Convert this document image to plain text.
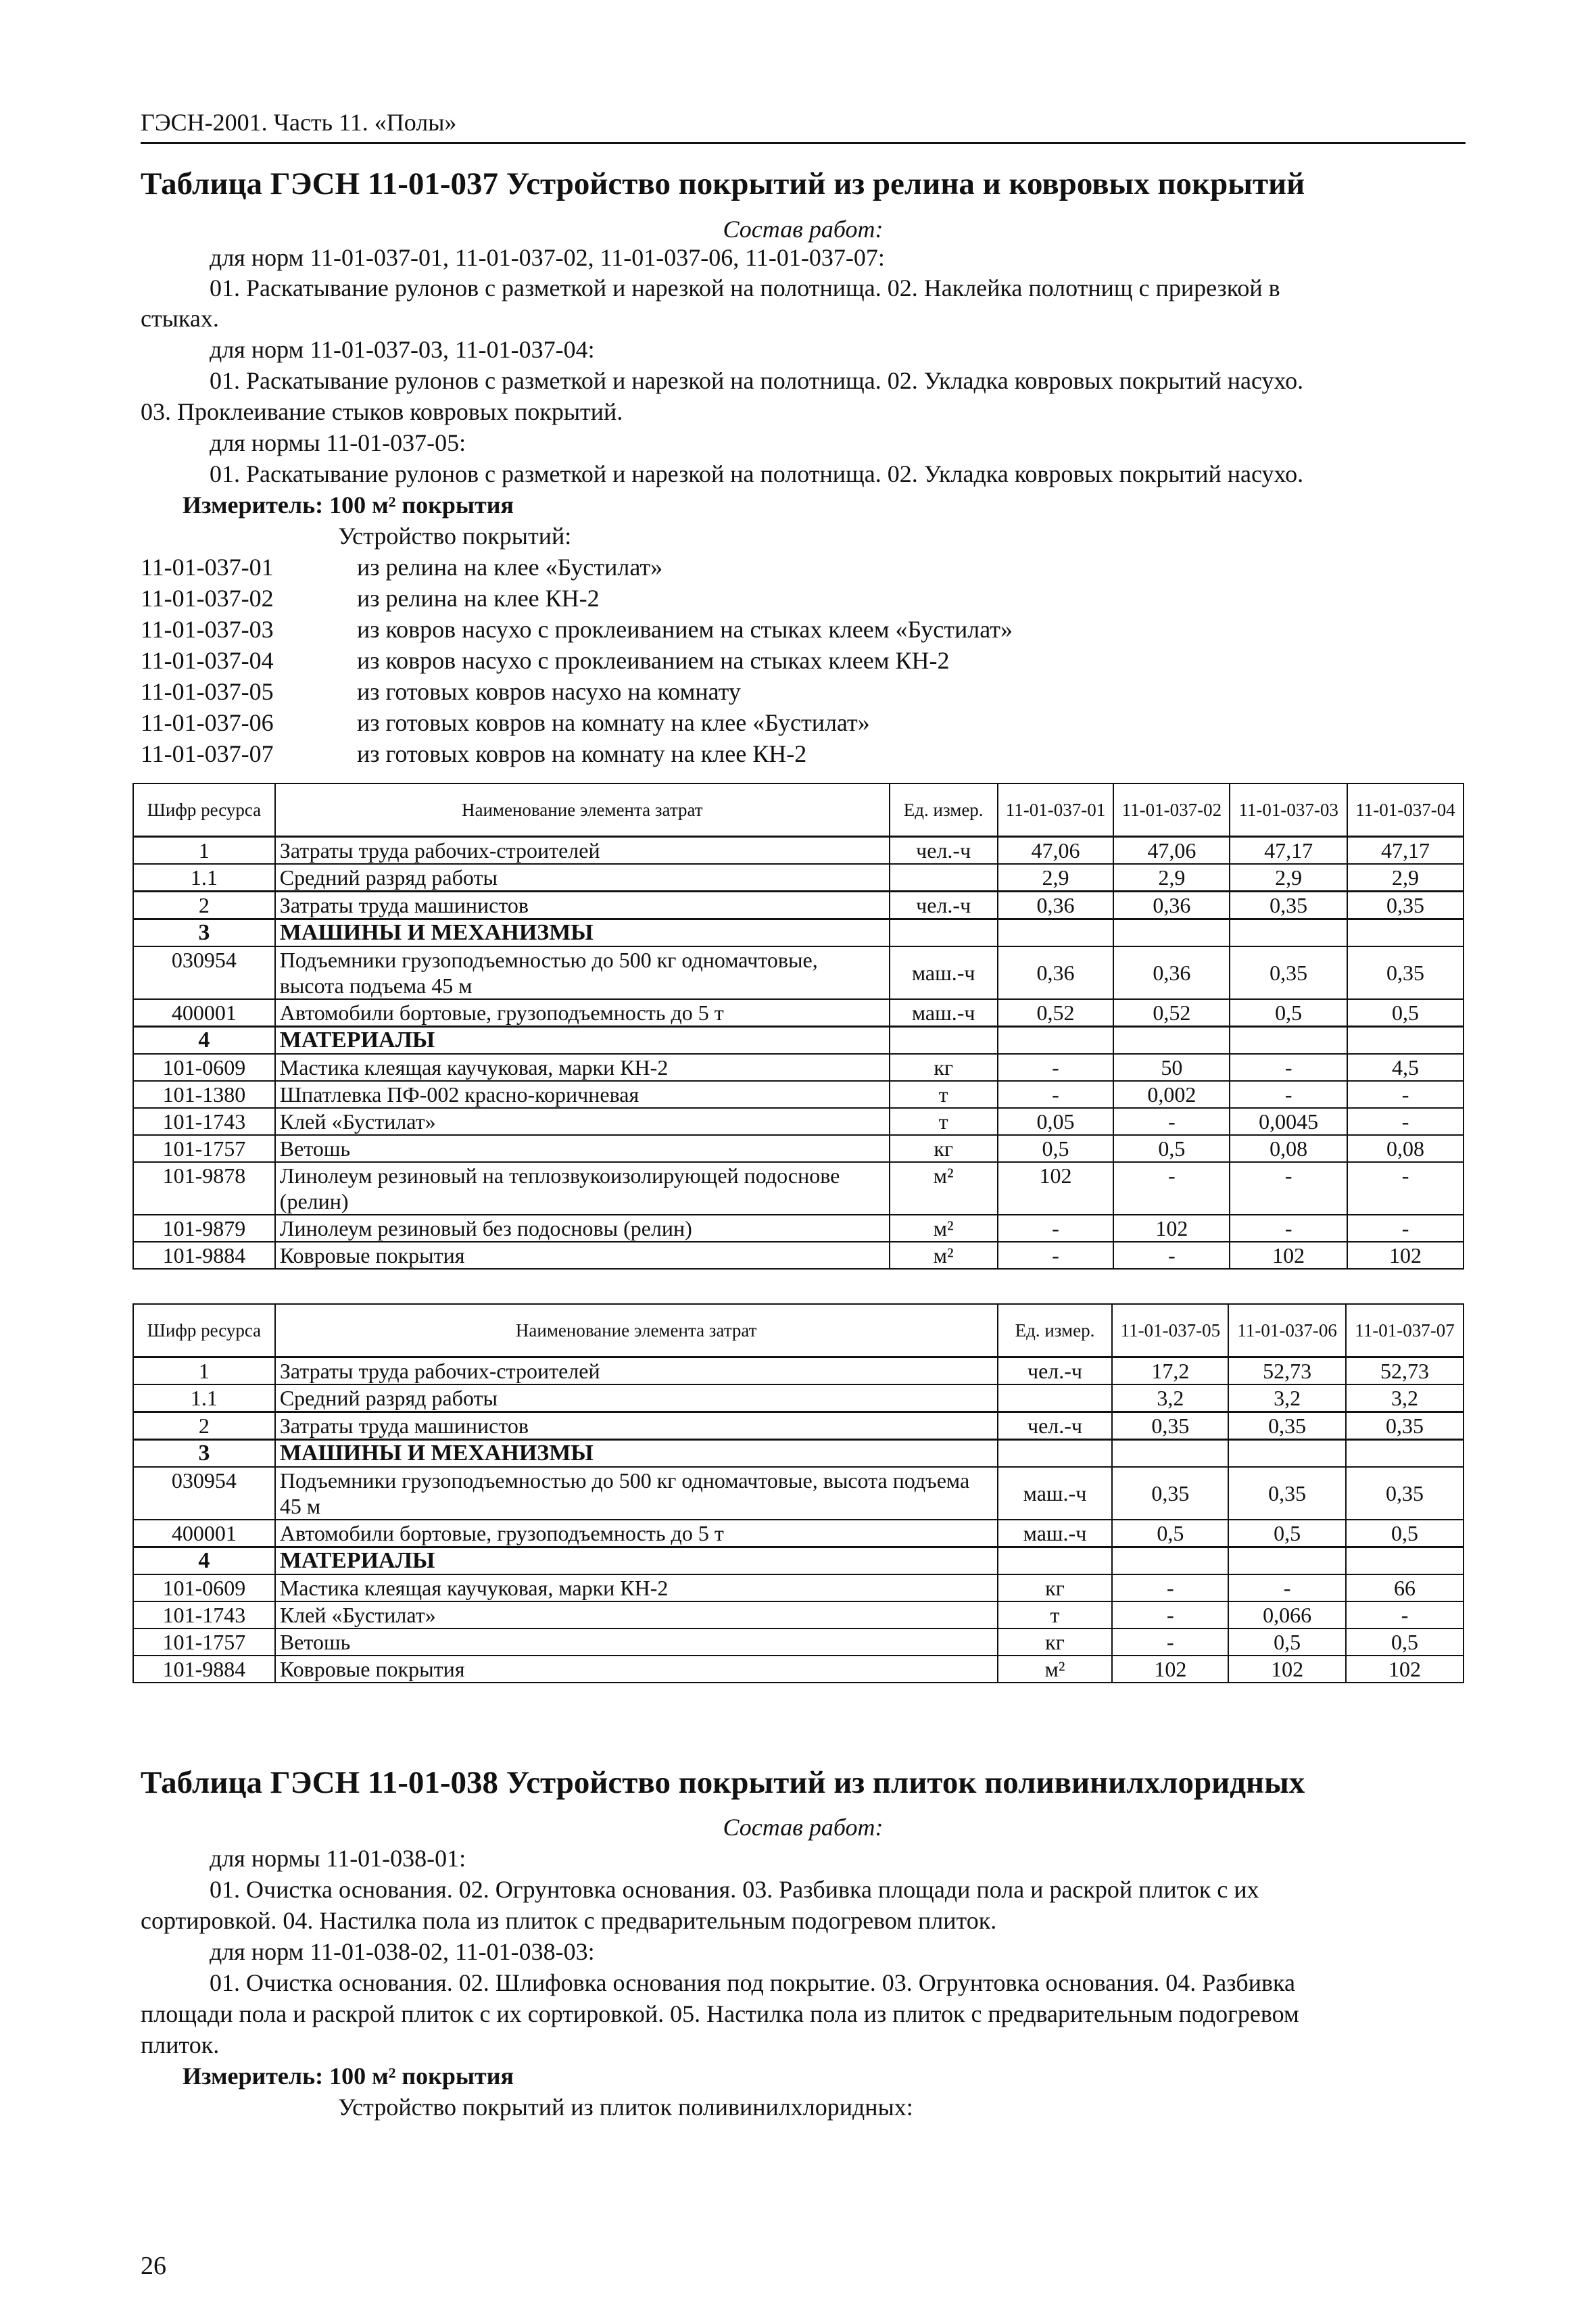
ГЭСН-2001. Часть 11. «Полы»
Таблица ГЭСН 11-01-037 Устройство покрытий из релина и ковровых покрытий
Состав работ:
для норм 11-01-037-01, 11-01-037-02, 11-01-037-06, 11-01-037-07:
01. Раскатывание рулонов с разметкой и нарезкой на полотнища. 02. Наклейка полотнищ с прирезкой в
стыках.
для норм 11-01-037-03, 11-01-037-04:
01. Раскатывание рулонов с разметкой и нарезкой на полотнища. 02. Укладка ковровых покрытий насухо.
03. Проклеивание стыков ковровых покрытий.
для нормы 11-01-037-05:
01. Раскатывание рулонов с разметкой и нарезкой на полотнища. 02. Укладка ковровых покрытий насухо.
Измеритель: 100 м² покрытия
Устройство покрытий:
11-01-037-01	из релина на клее «Бустилат»
11-01-037-02	из релина на клее КН-2
11-01-037-03	из ковров насухо с проклеиванием на стыках клеем «Бустилат»
11-01-037-04	из ковров насухо с проклеиванием на стыках клеем КН-2
11-01-037-05	из готовых ковров насухо на комнату
11-01-037-06	из готовых ковров на комнату на клее «Бустилат»
11-01-037-07	из готовых ковров на комнату на клее КН-2
Шифр ресурса	Наименование элемента затрат	Ед. измер.	11-01-037-01	11-01-037-02	11-01-037-03	11-01-037-04
1	Затраты труда рабочих-строителей	чел.-ч	47,06	47,06	47,17	47,17
1.1	Средний разряд работы		2,9	2,9	2,9	2,9
2	Затраты труда машинистов	чел.-ч	0,36	0,36	0,35	0,35
3	МАШИНЫ И МЕХАНИЗМЫ					
030954	Подъемники грузоподъемностью до 500 кг одномачтовые, высота подъема 45 м	маш.-ч	0,36	0,36	0,35	0,35
400001	Автомобили бортовые, грузоподъемность до 5 т	маш.-ч	0,52	0,52	0,5	0,5
4	МАТЕРИАЛЫ					
101-0609	Мастика клеящая каучуковая, марки КН-2	кг	-	50	-	4,5
101-1380	Шпатлевка ПФ-002 красно-коричневая	т	-	0,002	-	-
101-1743	Клей «Бустилат»	т	0,05	-	0,0045	-
101-1757	Ветошь	кг	0,5	0,5	0,08	0,08
101-9878	Линолеум резиновый на теплозвукоизолирующей подоснове (релин)	м²	102	-	-	-
101-9879	Линолеум резиновый без подосновы (релин)	м²	-	102	-	-
101-9884	Ковровые покрытия	м²	-	-	102	102
Шифр ресурса	Наименование элемента затрат	Ед. измер.	11-01-037-05	11-01-037-06	11-01-037-07
1	Затраты труда рабочих-строителей	чел.-ч	17,2	52,73	52,73
1.1	Средний разряд работы		3,2	3,2	3,2
2	Затраты труда машинистов	чел.-ч	0,35	0,35	0,35
3	МАШИНЫ И МЕХАНИЗМЫ				
030954	Подъемники грузоподъемностью до 500 кг одномачтовые, высота подъема 45 м	маш.-ч	0,35	0,35	0,35
400001	Автомобили бортовые, грузоподъемность до 5 т	маш.-ч	0,5	0,5	0,5
4	МАТЕРИАЛЫ				
101-0609	Мастика клеящая каучуковая, марки КН-2	кг	-	-	66
101-1743	Клей «Бустилат»	т	-	0,066	-
101-1757	Ветошь	кг	-	0,5	0,5
101-9884	Ковровые покрытия	м²	102	102	102
Таблица ГЭСН 11-01-038 Устройство покрытий из плиток поливинилхлоридных
Состав работ:
для нормы 11-01-038-01:
01. Очистка основания. 02. Огрунтовка основания. 03. Разбивка площади пола и раскрой плиток с их
сортировкой. 04. Настилка пола из плиток с предварительным подогревом плиток.
для норм 11-01-038-02, 11-01-038-03:
01. Очистка основания. 02. Шлифовка основания под покрытие. 03. Огрунтовка основания. 04. Разбивка
площади пола и раскрой плиток с их сортировкой. 05. Настилка пола из плиток с предварительным подогревом
плиток.
Измеритель: 100 м² покрытия
Устройство покрытий из плиток поливинилхлоридных:
26
